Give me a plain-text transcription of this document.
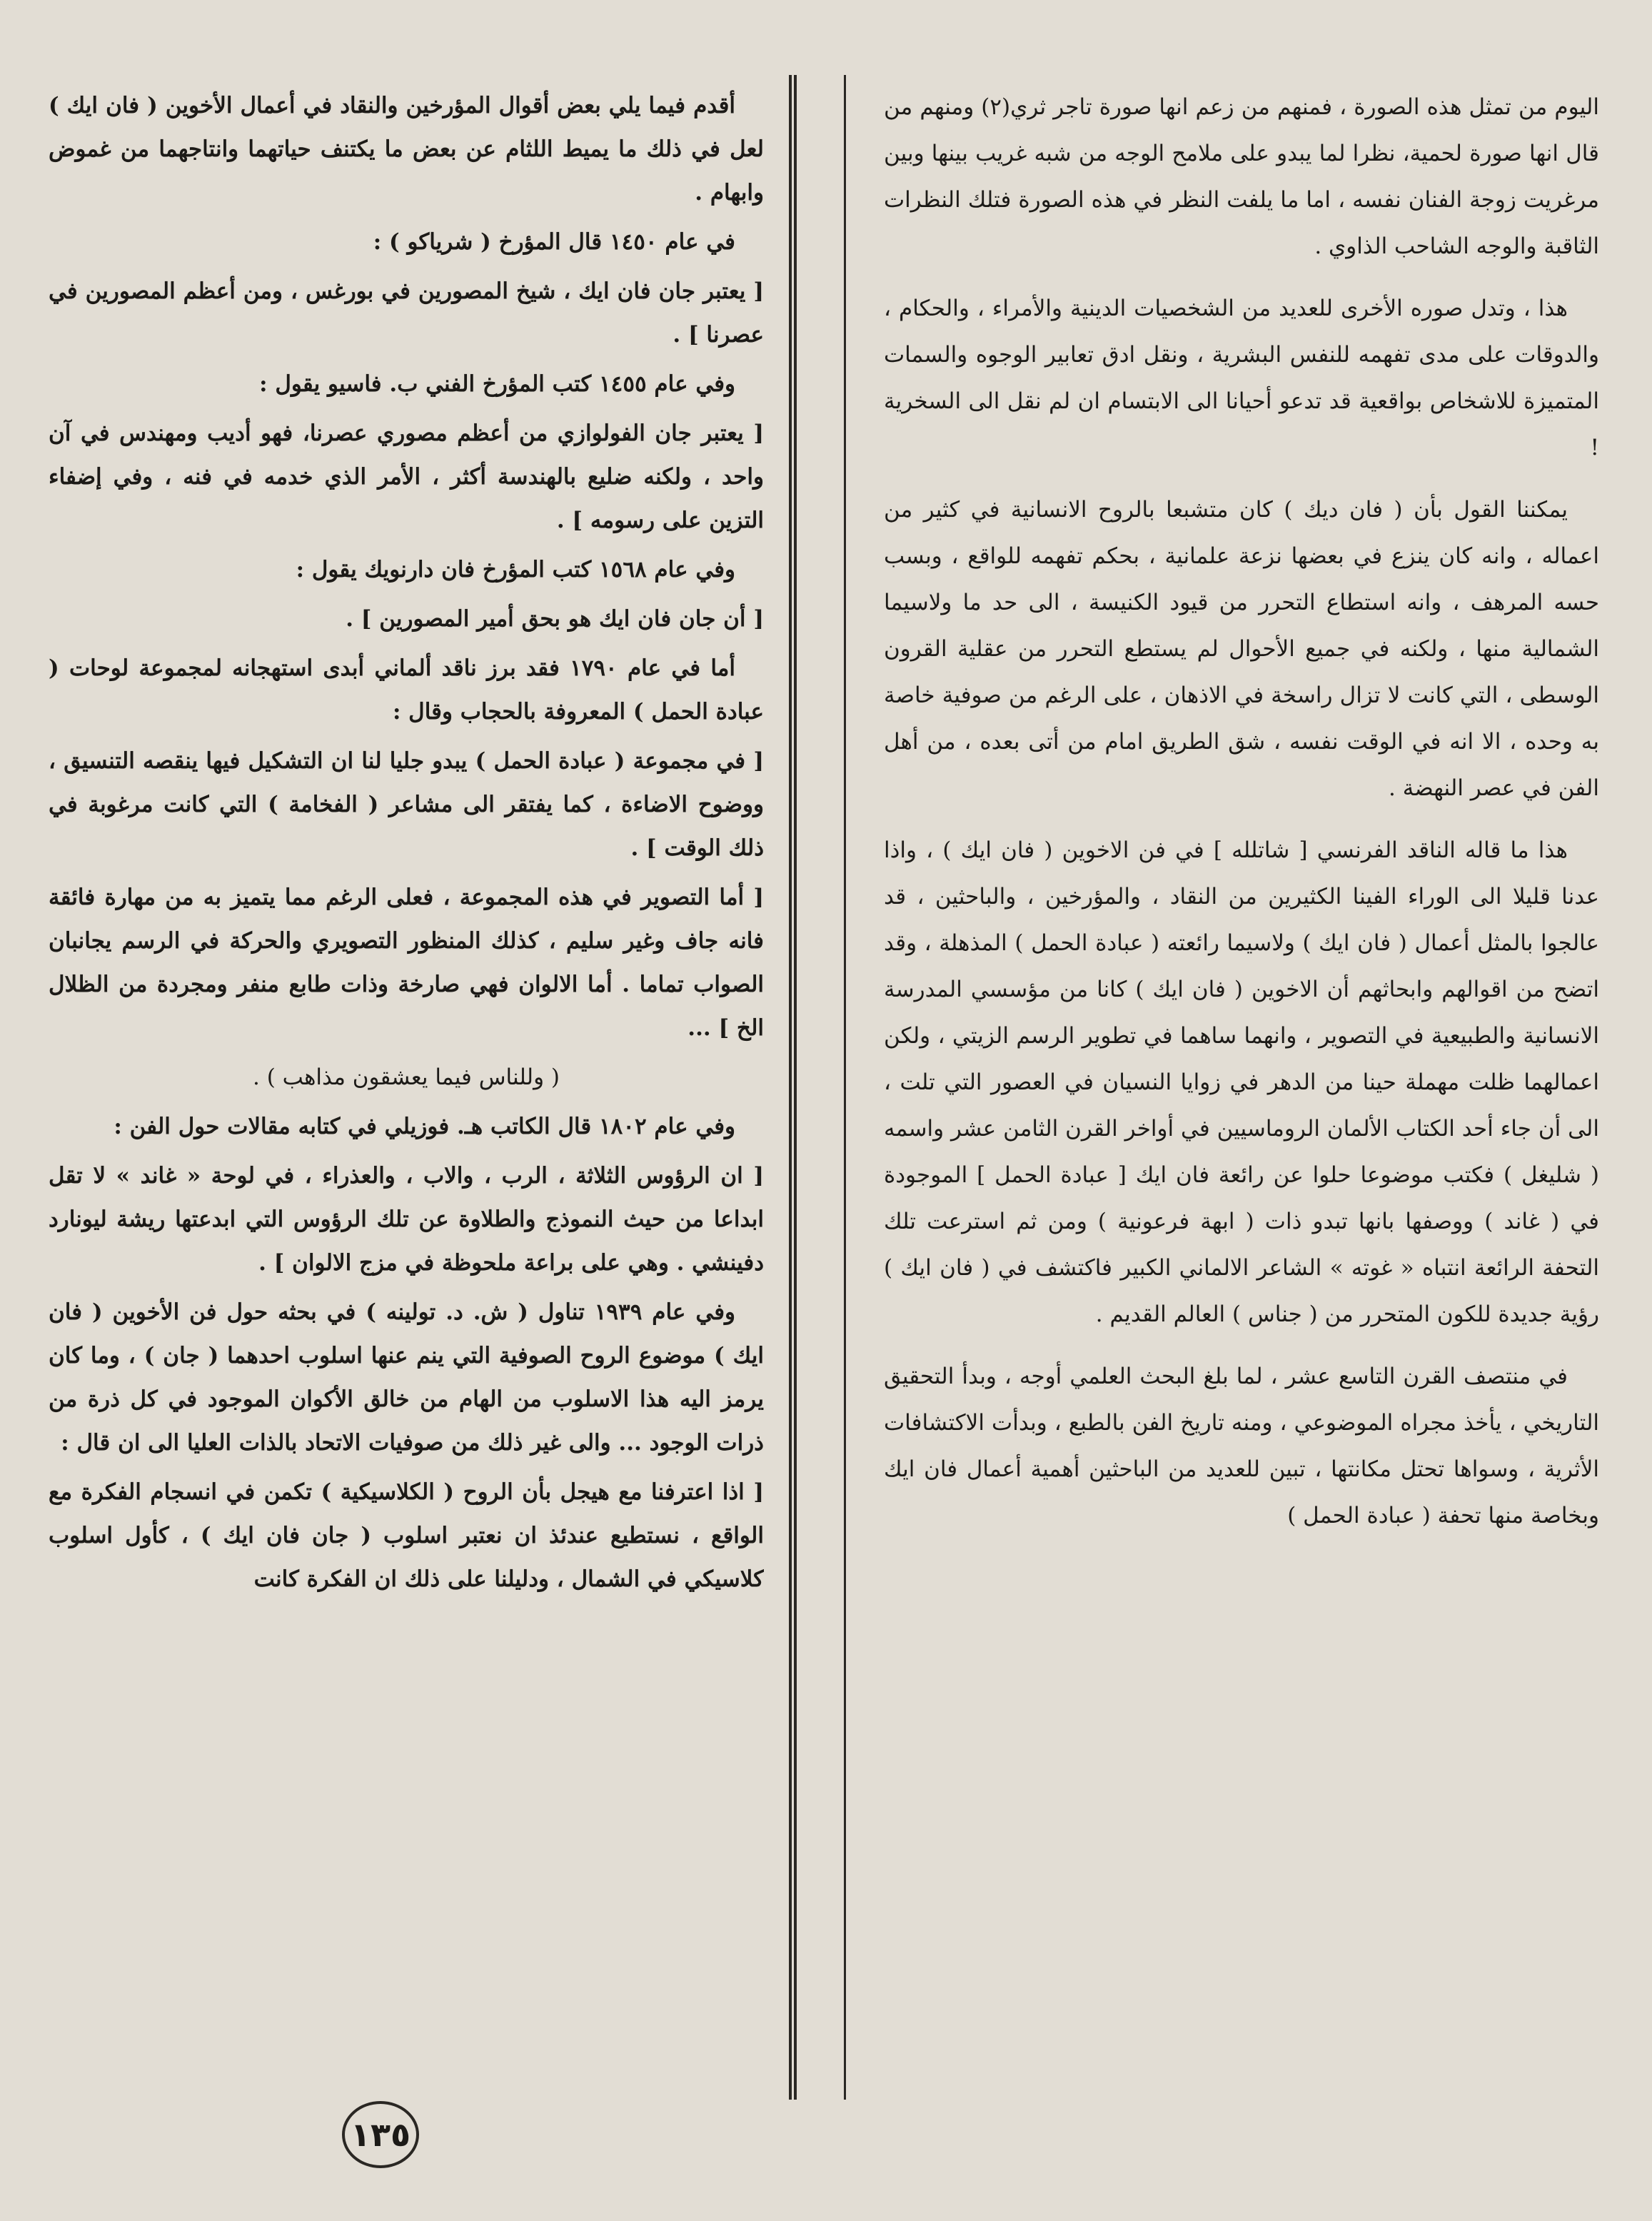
اليوم من تمثل هذه الصورة ، فمنهم من زعم انها صورة تاجر ثري(٢) ومنهم من قال انها صورة لحمية، نظرا لما يبدو على ملامح الوجه من شبه غريب بينها وبين مرغريت زوجة الفنان نفسه ، اما ما يلفت النظر في هذه الصورة فتلك النظرات الثاقبة والوجه الشاحب الذاوي .

هذا ، وتدل صوره الأخرى للعديد من الشخصيات الدينية والأمراء ، والحكام ، والدوقات على مدى تفهمه للنفس البشرية ، ونقل ادق تعابير الوجوه والسمات المتميزة للاشخاص بواقعية قد تدعو أحيانا الى الابتسام ان لم نقل الى السخرية !

يمكننا القول بأن ( فان ديك ) كان متشبعا بالروح الانسانية في كثير من اعماله ، وانه كان ينزع في بعضها نزعة علمانية ، بحكم تفهمه للواقع ، وبسب حسه المرهف ، وانه استطاع التحرر من قيود الكنيسة ، الى حد ما ولاسيما الشمالية منها ، ولكنه في جميع الأحوال لم يستطع التحرر من عقلية القرون الوسطى ، التي كانت لا تزال راسخة في الاذهان ، على الرغم من صوفية خاصة به وحده ، الا انه في الوقت نفسه ، شق الطريق امام من أتى بعده ، من أهل الفن في عصر النهضة .

هذا ما قاله الناقد الفرنسي [ شاتلله ] في فن الاخوين ( فان ايك ) ، واذا عدنا قليلا الى الوراء الفينا الكثيرين من النقاد ، والمؤرخين ، والباحثين ، قد عالجوا بالمثل أعمال ( فان ايك ) ولاسيما رائعته ( عبادة الحمل ) المذهلة ، وقد اتضح من اقوالهم وابحاثهم أن الاخوين ( فان ايك ) كانا من مؤسسي المدرسة الانسانية والطبيعية في التصوير ، وانهما ساهما في تطوير الرسم الزيتي ، ولكن اعمالهما ظلت مهملة حينا من الدهر في زوايا النسيان في العصور التي تلت ، الى أن جاء أحد الكتاب الألمان الروماسيين في أواخر القرن الثامن عشر واسمه ( شليغل ) فكتب موضوعا حلوا عن رائعة فان ايك [ عبادة الحمل ] الموجودة في ( غاند ) ووصفها بانها تبدو ذات ( ابهة فرعونية ) ومن ثم استرعت تلك التحفة الرائعة انتباه « غوته » الشاعر الالماني الكبير فاكتشف في ( فان ايك ) رؤية جديدة للكون المتحرر من ( جناس ) العالم القديم .

في منتصف القرن التاسع عشر ، لما بلغ البحث العلمي أوجه ، وبدأ التحقيق التاريخي ، يأخذ مجراه الموضوعي ، ومنه تاريخ الفن بالطبع ، وبدأت الاكتشافات الأثرية ، وسواها تحتل مكانتها ، تبين للعديد من الباحثين أهمية أعمال فان ايك وبخاصة منها تحفة ( عبادة الحمل )

أقدم فيما يلي بعض أقوال المؤرخين والنقاد في أعمال الأخوين ( فان ايك ) لعل في ذلك ما يميط اللثام عن بعض ما يكتنف حياتهما وانتاجهما من غموض وابهام .

في عام ١٤٥٠ قال المؤرخ ( شرياكو ) :

[ يعتبر جان فان ايك ، شيخ المصورين في بورغس ، ومن أعظم المصورين في عصرنا ] .

وفي عام ١٤٥٥ كتب المؤرخ الفني ب. فاسيو يقول :

[ يعتبر جان الفولوازي من أعظم مصوري عصرنا، فهو أديب ومهندس في آن واحد ، ولكنه ضليع بالهندسة أكثر ، الأمر الذي خدمه في فنه ، وفي إضفاء التزين على رسومه ] .

وفي عام ١٥٦٨ كتب المؤرخ فان دارنويك يقول :

[ أن جان فان ايك هو بحق أمير المصورين ] .

أما في عام ١٧٩٠ فقد برز ناقد ألماني أبدى استهجانه لمجموعة لوحات ( عبادة الحمل ) المعروفة بالحجاب وقال :

[ في مجموعة ( عبادة الحمل ) يبدو جليا لنا ان التشكيل فيها ينقصه التنسيق ، ووضوح الاضاءة ، كما يفتقر الى مشاعر ( الفخامة ) التي كانت مرغوبة في ذلك الوقت ] .

[ أما التصوير في هذه المجموعة ، فعلى الرغم مما يتميز به من مهارة فائقة فانه جاف وغير سليم ، كذلك المنظور التصويري والحركة في الرسم يجانبان الصواب تماما . أما الالوان فهي صارخة وذات طابع منفر ومجردة من الظلال الخ ] ...

( وللناس فيما يعشقون مذاهب ) .

وفي عام ١٨٠٢ قال الكاتب هـ. فوزيلي في كتابه مقالات حول الفن :

[ ان الرؤوس الثلاثة ، الرب ، والاب ، والعذراء ، في لوحة « غاند » لا تقل ابداعا من حيث النموذج والطلاوة عن تلك الرؤوس التي ابدعتها ريشة ليونارد دفينشي . وهي على براعة ملحوظة في مزج الالوان ] .

وفي عام ١٩٣٩ تناول ( ش. د. تولينه ) في بحثه حول فن الأخوين ( فان ايك ) موضوع الروح الصوفية التي ينم عنها اسلوب احدهما ( جان ) ، وما كان يرمز اليه هذا الاسلوب من الهام من خالق الأكوان الموجود في كل ذرة من ذرات الوجود ... والى غير ذلك من صوفيات الاتحاد بالذات العليا الى ان قال :

[ اذا اعترفنا مع هيجل بأن الروح ( الكلاسيكية ) تكمن في انسجام الفكرة مع الواقع ، نستطيع عندئذ ان نعتبر اسلوب ( جان فان ايك ) ، كأول اسلوب كلاسيكي في الشمال ، ودليلنا على ذلك ان الفكرة كانت

١٣٥
